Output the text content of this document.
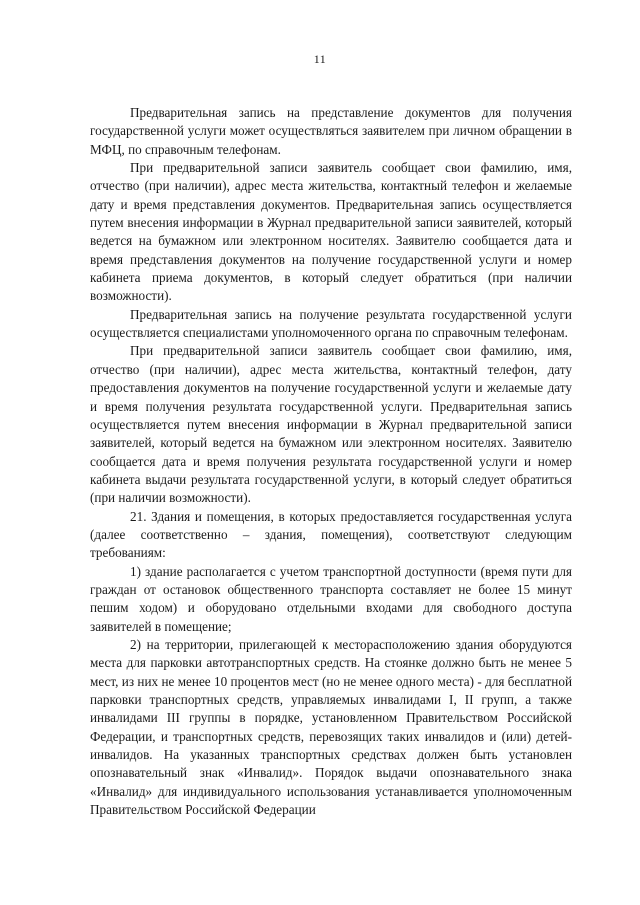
11

Предварительная запись на представление документов для получения государственной услуги может осуществляться заявителем при личном обращении в МФЦ, по справочным телефонам.

При предварительной записи заявитель сообщает свои фамилию, имя, отчество (при наличии), адрес места жительства, контактный телефон и желаемые дату и время представления документов. Предварительная запись осуществляется путем внесения информации в Журнал предварительной записи заявителей, который ведется на бумажном или электронном носителях. Заявителю сообщается дата и время представления документов на получение государственной услуги и номер кабинета приема документов, в который следует обратиться (при наличии возможности).

Предварительная запись на получение результата государственной услуги осуществляется специалистами уполномоченного органа по справочным телефонам.

При предварительной записи заявитель сообщает свои фамилию, имя, отчество (при наличии), адрес места жительства, контактный телефон, дату предоставления документов на получение государственной услуги и желаемые дату и время получения результата государственной услуги. Предварительная запись осуществляется путем внесения информации в Журнал предварительной записи заявителей, который ведется на бумажном или электронном носителях. Заявителю сообщается дата и время получения результата государственной услуги и номер кабинета выдачи результата государственной услуги, в который следует обратиться (при наличии возможности).

21. Здания и помещения, в которых предоставляется государственная услуга (далее соответственно – здания, помещения), соответствуют следующим требованиям:

1) здание располагается с учетом транспортной доступности (время пути для граждан от остановок общественного транспорта составляет не более 15 минут пешим ходом) и оборудовано отдельными входами для свободного доступа заявителей в помещение;

2) на территории, прилегающей к месторасположению здания оборудуются места для парковки автотранспортных средств. На стоянке должно быть не менее 5 мест, из них не менее 10 процентов мест (но не менее одного места) - для бесплатной парковки транспортных средств, управляемых инвалидами I, II групп, а также инвалидами III группы в порядке, установленном Правительством Российской Федерации, и транспортных средств, перевозящих таких инвалидов и (или) детей-инвалидов. На указанных транспортных средствах должен быть установлен опознавательный знак «Инвалид». Порядок выдачи опознавательного знака «Инвалид» для индивидуального использования устанавливается уполномоченным Правительством Российской Федерации
